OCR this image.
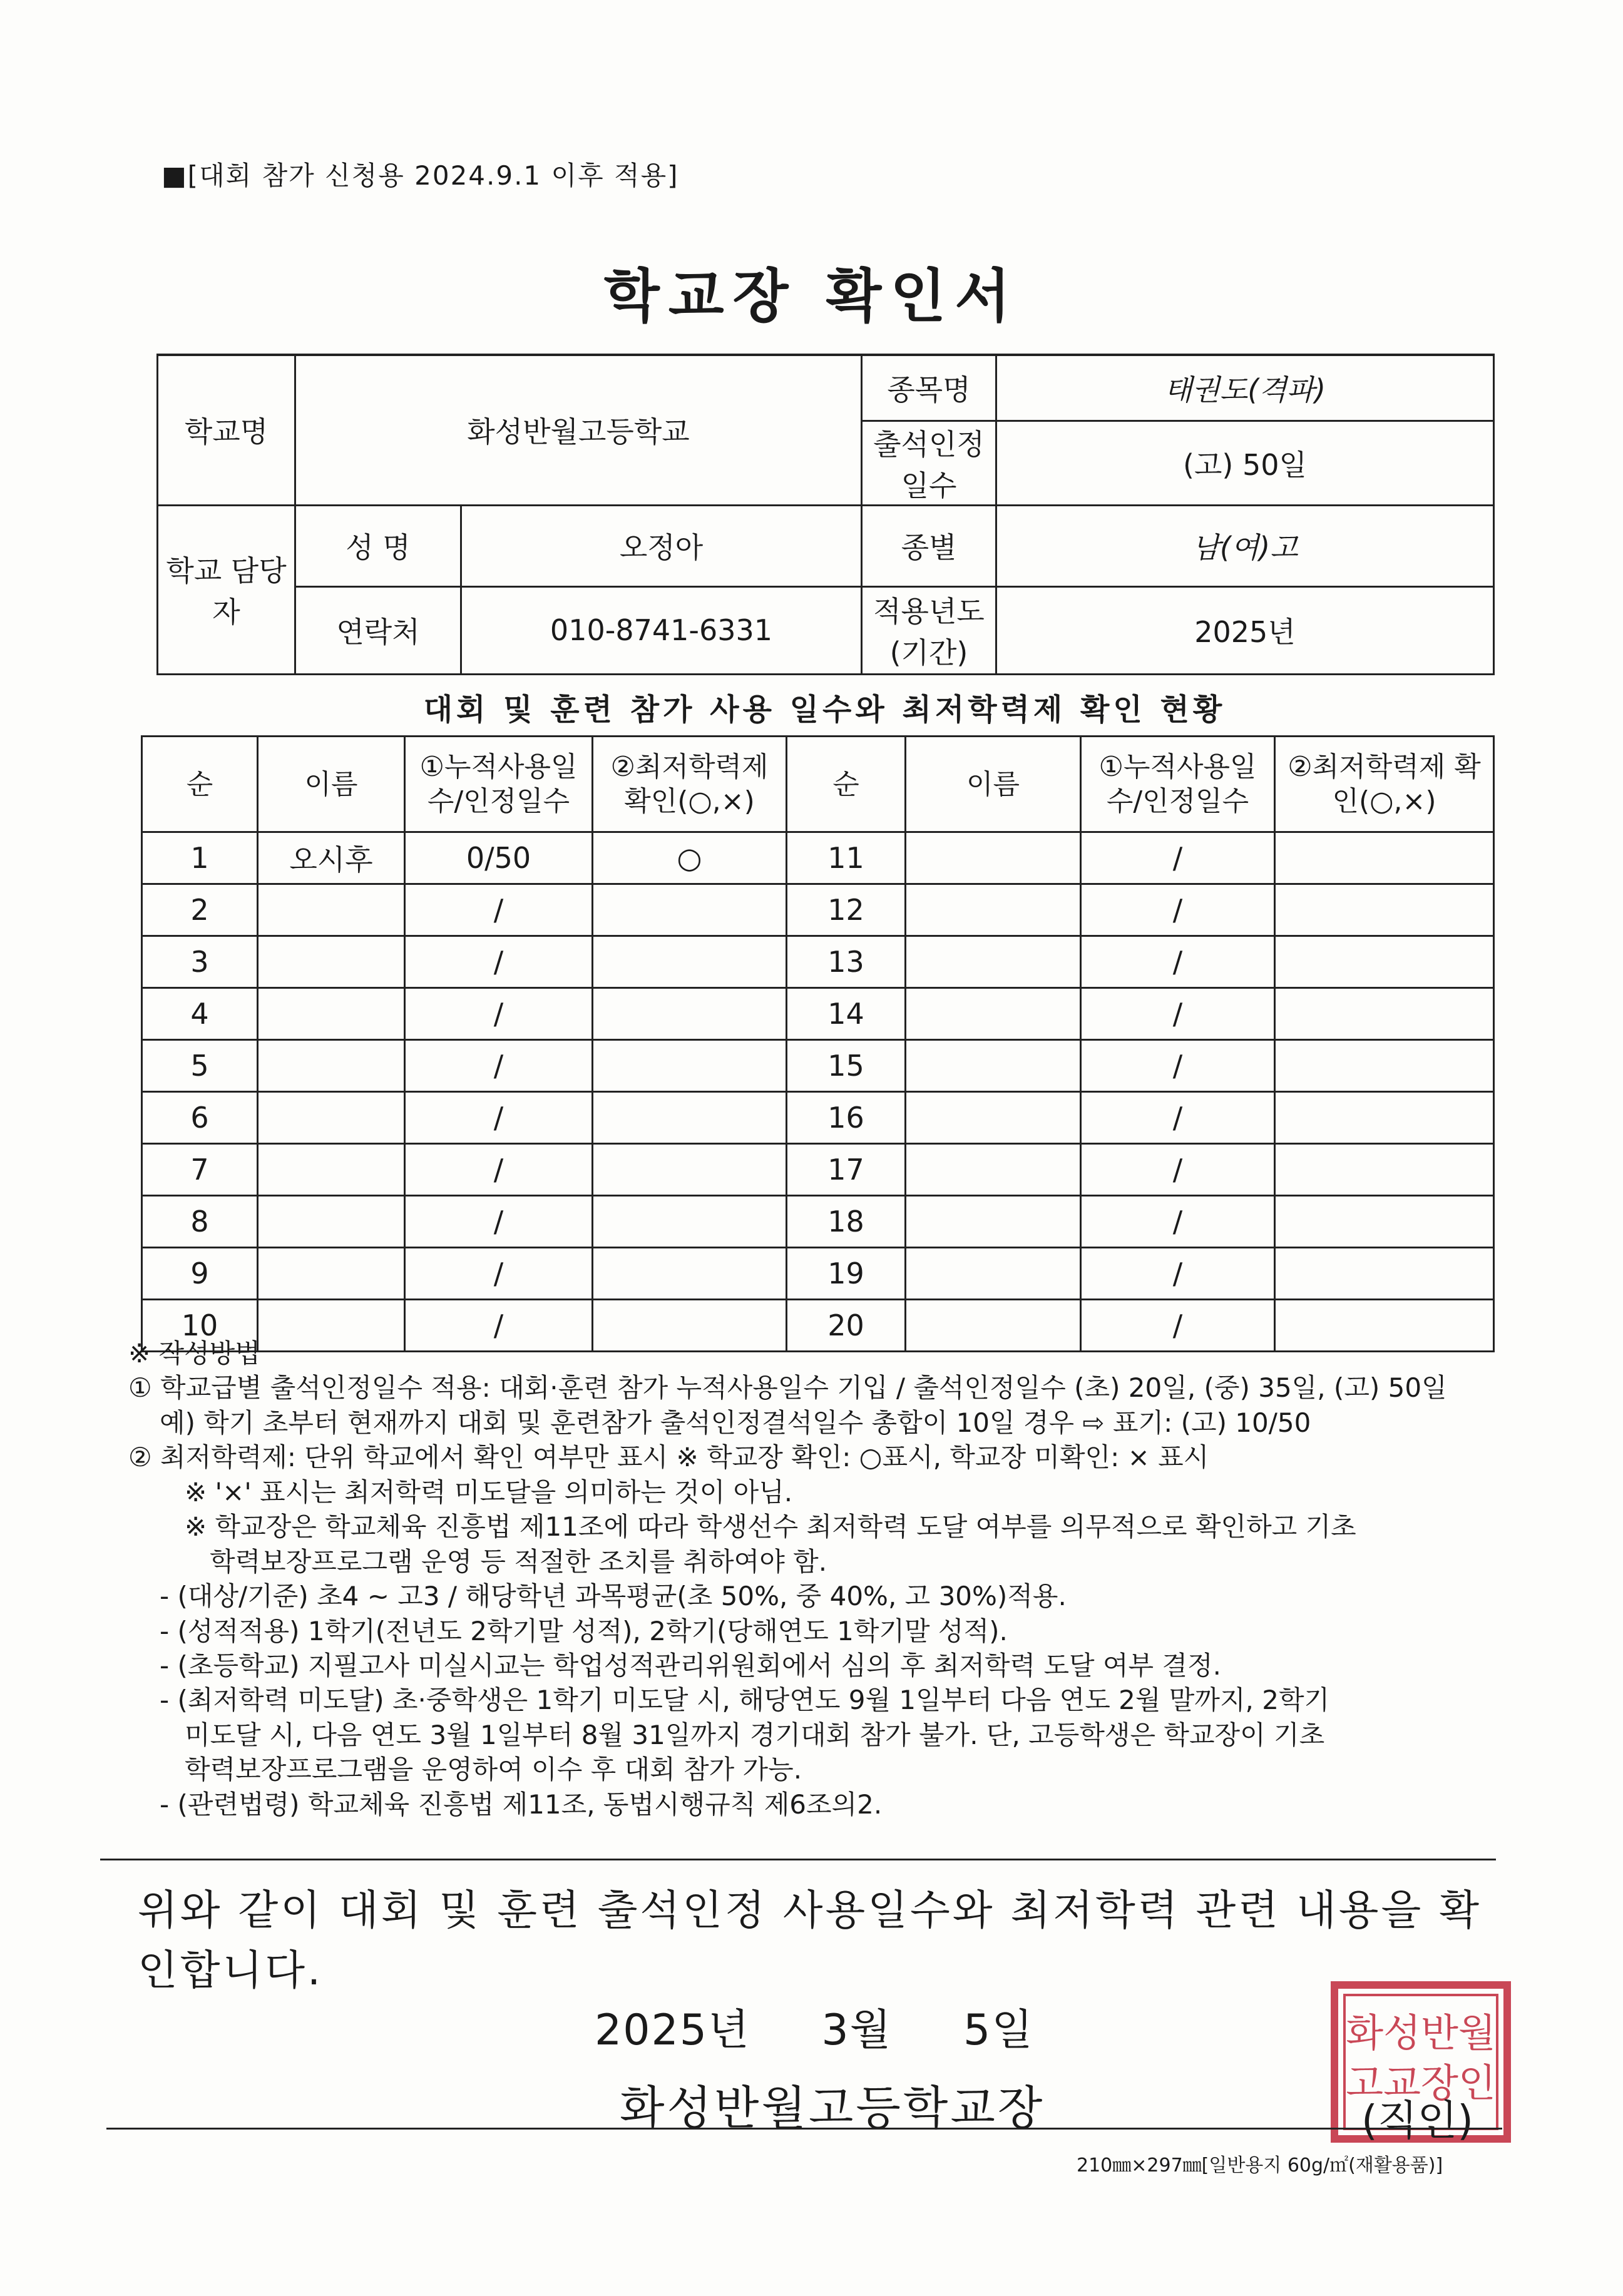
■[대회 참가 신청용 2024.9.1 이후 적용]
학교장 확인서
학교명	화성반월고등학교		종목명	태권도(격파)
			출석인정일수	(고) 50일
학교 담당자	성 명	오정아	종별	남(여)고
	연락처	010-8741-6331	적용년도 (기간)	2025년
대회 및 훈련 참가 사용 일수와 최저학력제 확인 현황
순	이름	①누적사용일수/인정일수	②최저학력제 확인(○,×)	순	이름	①누적사용일수/인정일수	②최저학력제 확인(○,×)
1	오시후	0/50	○	11		/	
2		/		12		/	
3		/		13		/	
4		/		14		/	
5		/		15		/	
6		/		16		/	
7		/		17		/	
8		/		18		/	
9		/		19		/	
10		/		20		/	

※ 작성방법

① 학교급별 출석인정일수 적용: 대회·훈련 참가 누적사용일수 기입 / 출석인정일수 (초) 20일, (중) 35일, (고) 50일

예) 학기 초부터 현재까지 대회 및 훈련참가 출석인정결석일수 총합이 10일 경우 ⇨ 표기: (고) 10/50

② 최저학력제: 단위 학교에서 확인 여부만 표시 ※ 학교장 확인: ○표시, 학교장 미확인: × 표시

※ '×' 표시는 최저학력 미도달을 의미하는 것이 아님.

※ 학교장은 학교체육 진흥법 제11조에 따라 학생선수 최저학력 도달 여부를 의무적으로 확인하고 기초

학력보장프로그램 운영 등 적절한 조치를 취하여야 함.

- (대상/기준) 초4 ~ 고3 / 해당학년 과목평균(초 50%, 중 40%, 고 30%)적용.

- (성적적용) 1학기(전년도 2학기말 성적), 2학기(당해연도 1학기말 성적).

- (초등학교) 지필고사 미실시교는 학업성적관리위원회에서 심의 후 최저학력 도달 여부 결정.

- (최저학력 미도달) 초·중학생은 1학기 미도달 시, 해당연도 9월 1일부터 다음 연도 2월 말까지, 2학기

미도달 시, 다음 연도 3월 1일부터 8월 31일까지 경기대회 참가 불가. 단, 고등학생은 학교장이 기초

학력보장프로그램을 운영하여 이수 후 대회 참가 가능.

- (관련법령) 학교체육 진흥법 제11조, 동법시행규칙 제6조의2.

위와 같이 대회 및 훈련 출석인정 사용일수와 최저학력 관련 내용을 확인합니다.
2025년 3월 5일
화성반월고등학교장
화성반월
고교장인
(직인)
210㎜×297㎜[일반용지 60g/㎡(재활용품)]
